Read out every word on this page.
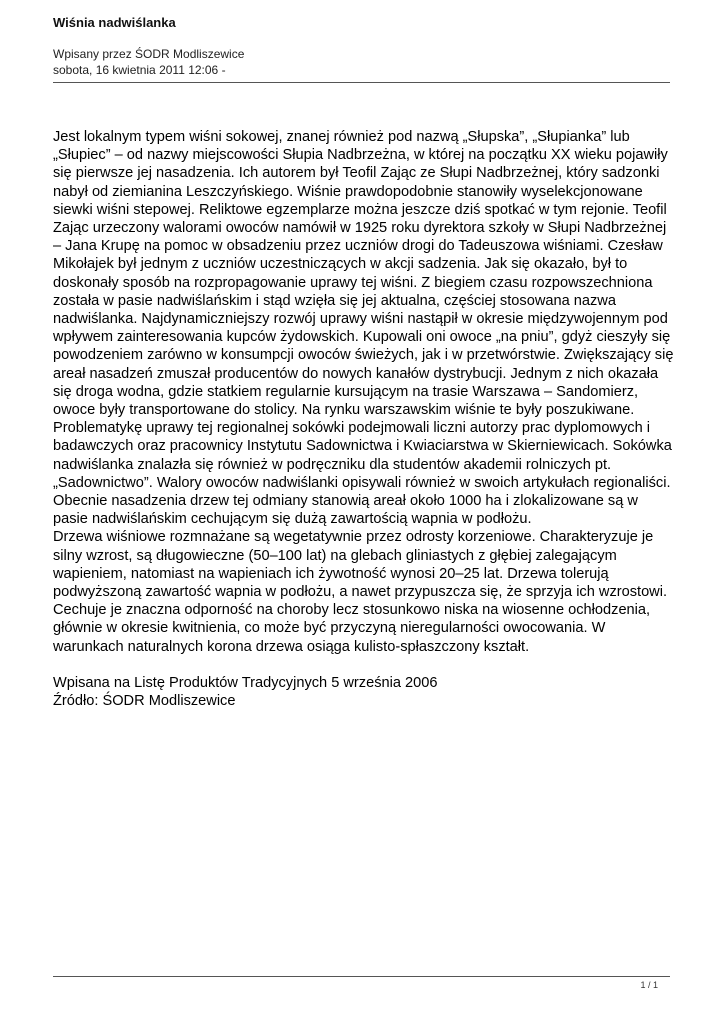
Wiśnia nadwiślanka
Wpisany przez ŚODR Modliszewice
sobota, 16 kwietnia 2011 12:06 -

Jest lokalnym typem wiśni sokowej, znanej również pod nazwą „Słupska”, „Słupianka” lub „Słupiec” – od nazwy miejscowości Słupia Nadbrzeżna, w której na początku XX wieku pojawiły się pierwsze jej nasadzenia. Ich autorem był Teofil Zając ze Słupi Nadbrzeżnej, który sadzonki nabył od ziemianina Leszczyńskiego. Wiśnie prawdopodobnie stanowiły wyselekcjonowane siewki wiśni stepowej. Reliktowe egzemplarze można jeszcze dziś spotkać w tym rejonie. Teofil Zając urzeczony walorami owoców namówił w 1925 roku dyrektora szkoły w Słupi Nadbrzeżnej – Jana Krupę na pomoc w obsadzeniu przez uczniów drogi do Tadeuszowa wiśniami. Czesław Mikołajek był jednym z uczniów uczestniczących w akcji sadzenia. Jak się okazało, był to doskonały sposób na rozpropagowanie uprawy tej wiśni. Z biegiem czasu rozpowszechniona została w pasie nadwiślańskim i stąd wzięła się jej aktualna, częściej stosowana nazwa nadwiślanka. Najdynamiczniejszy rozwój uprawy wiśni nastąpił w okresie międzywojennym pod wpływem zainteresowania kupców żydowskich. Kupowali oni owoce „na pniu”, gdyż cieszyły się powodzeniem zarówno w konsumpcji owoców świeżych, jak i w przetwórstwie. Zwiększający się areał nasadzeń zmuszał producentów do nowych kanałów dystrybucji. Jednym z nich okazała się droga wodna, gdzie statkiem regularnie kursującym na trasie Warszawa – Sandomierz, owoce były transportowane do stolicy. Na rynku warszawskim wiśnie te były poszukiwane.

Problematykę uprawy tej regionalnej sokówki podejmowali liczni autorzy prac dyplomowych i badawczych oraz pracownicy Instytutu Sadownictwa i Kwiaciarstwa w Skierniewicach. Sokówka nadwiślanka znalazła się również w podręczniku dla studentów akademii rolniczych pt. „Sadownictwo”. Walory owoców nadwiślanki opisywali również w swoich artykułach regionaliści. Obecnie nasadzenia drzew tej odmiany stanowią areał około 1000 ha i zlokalizowane są w pasie nadwiślańskim cechującym się dużą zawartością wapnia w podłożu.

Drzewa wiśniowe rozmnażane są wegetatywnie przez odrosty korzeniowe. Charakteryzuje je silny wzrost, są długowieczne (50–100 lat) na glebach gliniastych z głębiej zalegającym wapieniem, natomiast na wapieniach ich żywotność wynosi 20–25 lat. Drzewa tolerują podwyższoną zawartość wapnia w podłożu, a nawet przypuszcza się, że sprzyja ich wzrostowi. Cechuje je znaczna odporność na choroby lecz stosunkowo niska na wiosenne ochłodzenia, głównie w okresie kwitnienia, co może być przyczyną nieregularności owocowania. W warunkach naturalnych korona drzewa osiąga kulisto-spłaszczony kształt.

Wpisana na Listę Produktów Tradycyjnych 5 września 2006

Źródło: ŚODR Modliszewice

1 / 1
